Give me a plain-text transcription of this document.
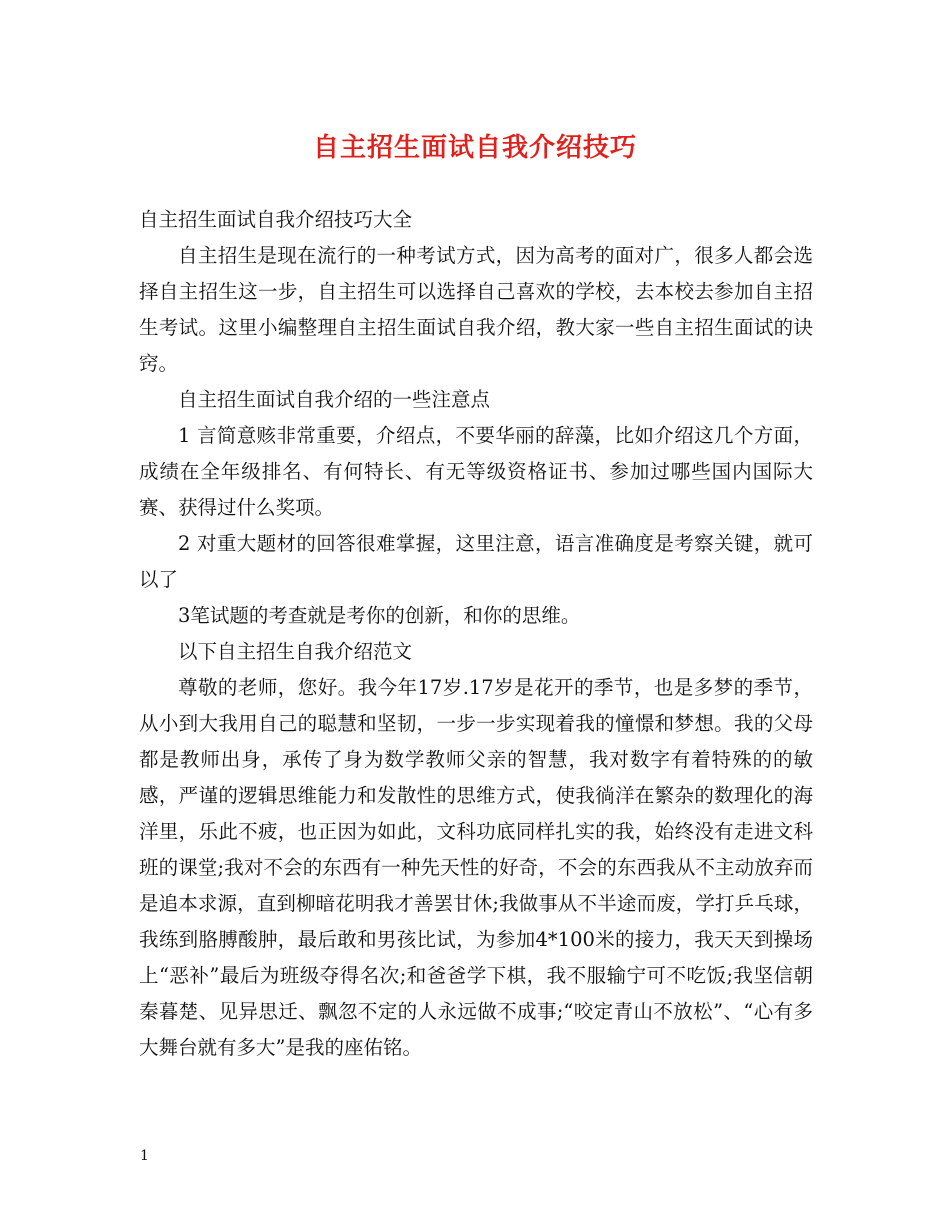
自主招生面试自我介绍技巧

自主招生面试自我介绍技巧大全

自主招生是现在流行的一种考试方式，因为高考的面对广，很多人都会选择自主招生这一步，自主招生可以选择自己喜欢的学校，去本校去参加自主招生考试。这里小编整理自主招生面试自我介绍，教大家一些自主招生面试的诀窍。

自主招生面试自我介绍的一些注意点

1 言简意赅非常重要，介绍点，不要华丽的辞藻，比如介绍这几个方面，成绩在全年级排名、有何特长、有无等级资格证书、参加过哪些国内国际大赛、获得过什么奖项。

2 对重大题材的回答很难掌握，这里注意，语言准确度是考察关键，就可以了

3笔试题的考查就是考你的创新，和你的思维。

以下自主招生自我介绍范文

尊敬的老师，您好。我今年17岁.17岁是花开的季节，也是多梦的季节，从小到大我用自己的聪慧和坚韧，一步一步实现着我的憧憬和梦想。我的父母都是教师出身，承传了身为数学教师父亲的智慧，我对数字有着特殊的的敏感，严谨的逻辑思维能力和发散性的思维方式，使我徜洋在繁杂的数理化的海洋里，乐此不疲，也正因为如此，文科功底同样扎实的我，始终没有走进文科班的课堂;我对不会的东西有一种先天性的好奇，不会的东西我从不主动放弃而是追本求源，直到柳暗花明我才善罢甘休;我做事从不半途而废，学打乒乓球，我练到胳膊酸肿，最后敢和男孩比试，为参加4*100米的接力，我天天到操场上“恶补”最后为班级夺得名次;和爸爸学下棋，我不服输宁可不吃饭;我坚信朝秦暮楚、见异思迁、飘忽不定的人永远做不成事;“咬定青山不放松”、“心有多大舞台就有多大”是我的座佑铭。

1
